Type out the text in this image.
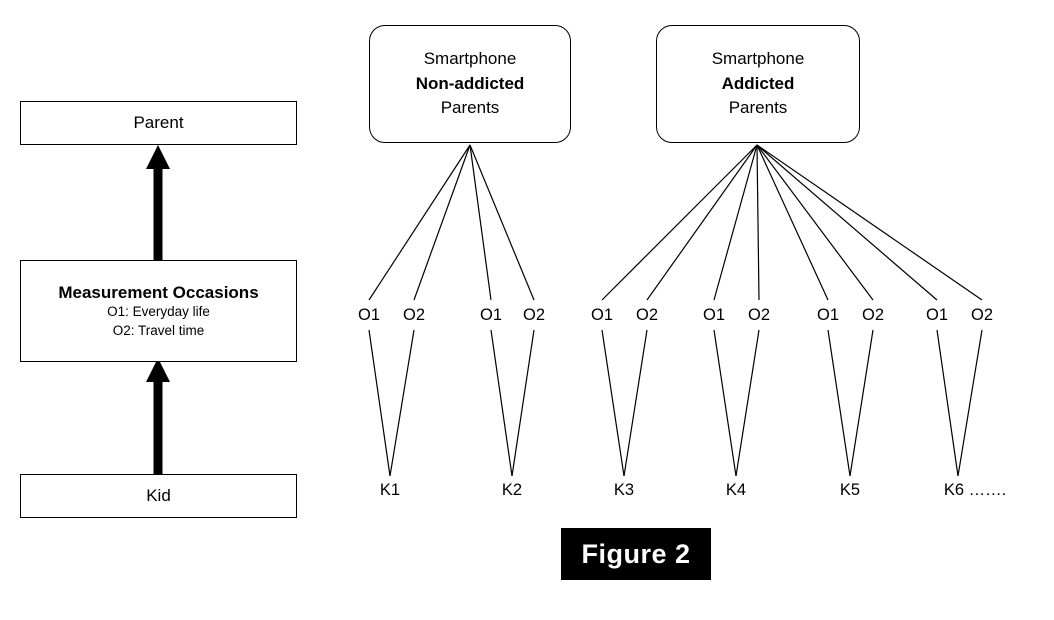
Parent
Measurement Occasions
O1: Everyday life
O2: Travel time
Kid
Smartphone
Non-addicted
Parents
Smartphone
Addicted
Parents
O1 O2	O1 O2	O1 O2	O1 O2	O1 O2	O1 O2
K1	K2	K3	K4	K5	K6 …….
Figure 2
